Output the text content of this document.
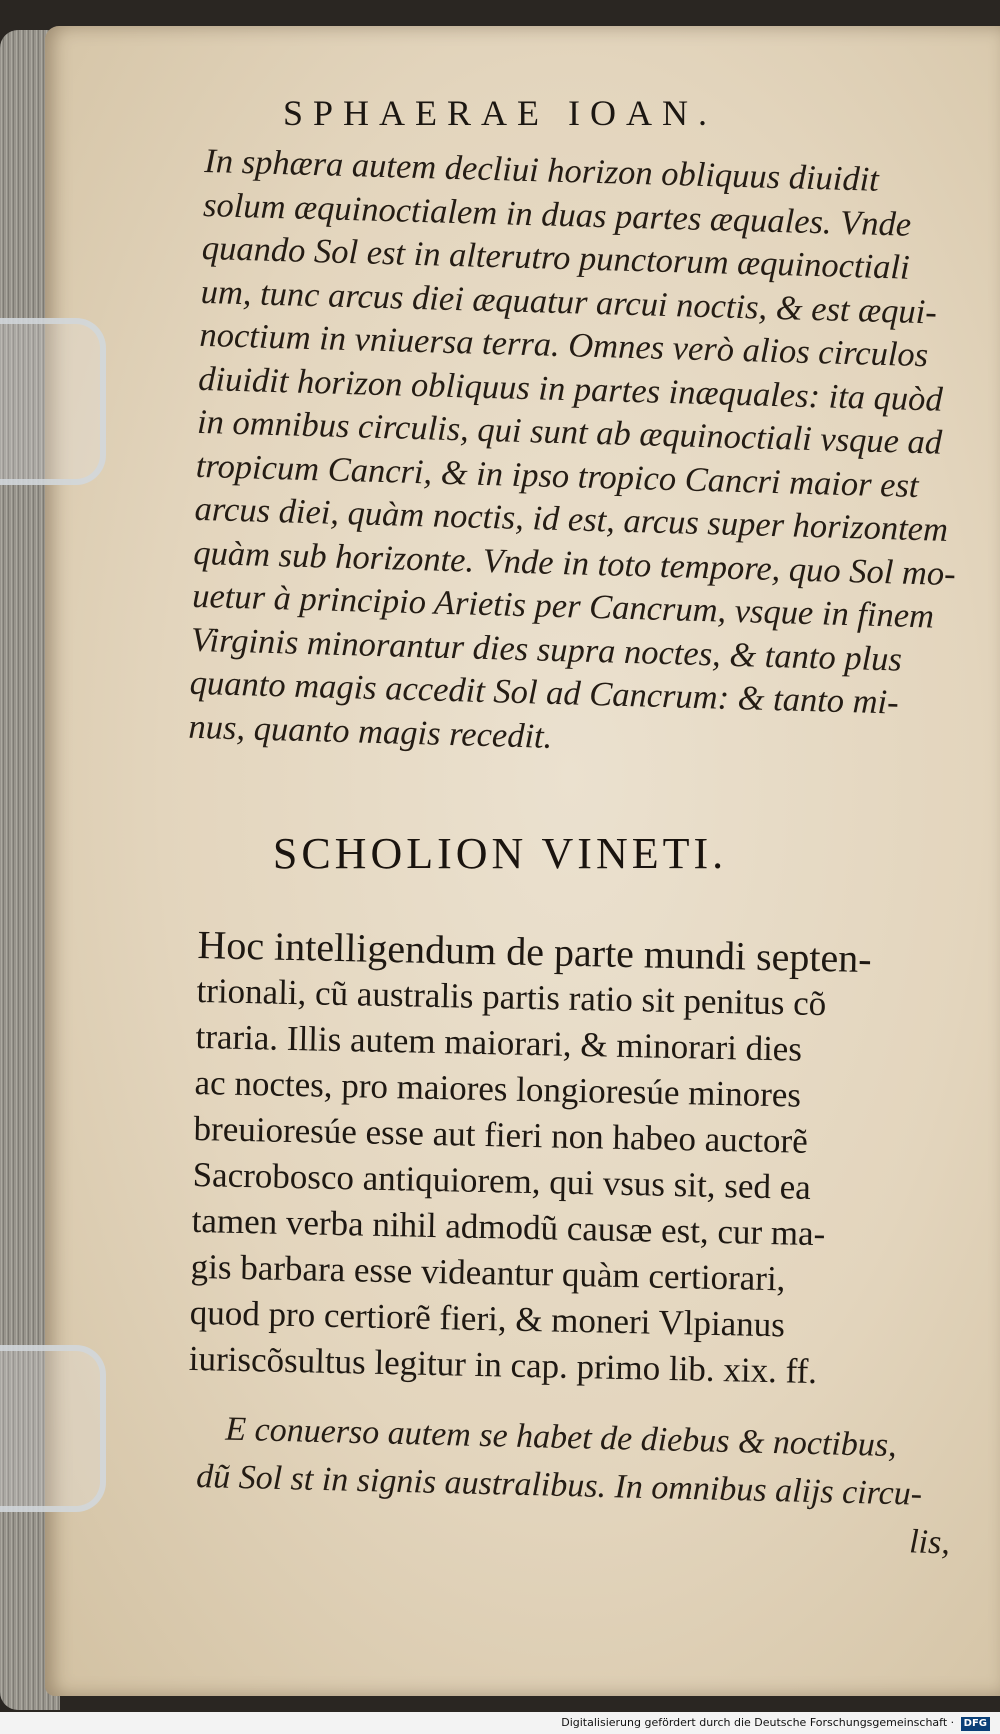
SPHAERAE IOAN.
In sphæra autem decliui horizon obliquus diuidit
solum æquinoctialem in duas partes æquales. Vnde
quando Sol est in alterutro punctorum æquinoctiali
um, tunc arcus diei æquatur arcui noctis, & est æqui-
noctium in vniuersa terra. Omnes verò alios circulos
diuidit horizon obliquus in partes inæquales: ita quòd
in omnibus circulis, qui sunt ab æquinoctiali vsque ad
tropicum Cancri, & in ipso tropico Cancri maior est
arcus diei, quàm noctis, id est, arcus super horizontem
quàm sub horizonte. Vnde in toto tempore, quo Sol mo-
uetur à principio Arietis per Cancrum, vsque in finem
Virginis minorantur dies supra noctes, & tanto plus
quanto magis accedit Sol ad Cancrum: & tanto mi-
nus, quanto magis recedit.
SCHOLION VINETI.
Hoc intelligendum de parte mundi septen-
trionali, cũ australis partis ratio sit penitus cõ
traria. Illis autem maiorari, & minorari dies
ac noctes, pro maiores longioresúe minores
breuioresúe esse aut fieri non habeo auctorẽ
Sacrobosco antiquiorem, qui vsus sit, sed ea
tamen verba nihil admodũ causæ est, cur ma-
gis barbara esse videantur quàm certiorari,
quod pro certiorẽ fieri, & moneri Vlpianus
iuriscõsultus legitur in cap. primo lib. xix. ff.
E conuerso autem se habet de diebus & noctibus,
dũ Sol st in signis australibus. In omnibus alijs circu-
lis,
Digitalisierung gefördert durch die Deutsche Forschungsgemeinschaft · DFG
